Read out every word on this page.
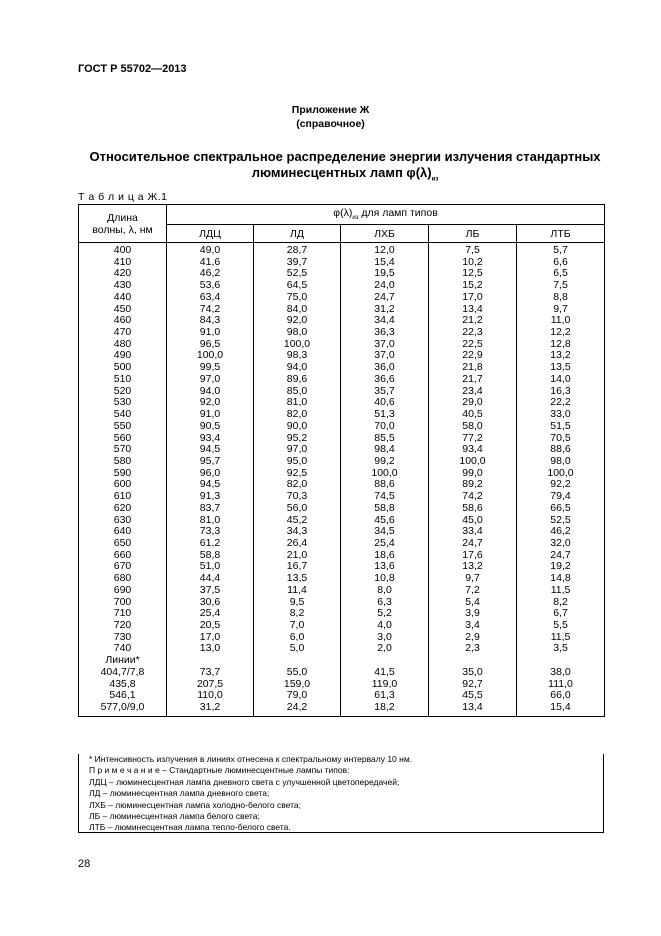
ГОСТ Р 55702—2013
Приложение Ж
(справочное)
Относительное спектральное распределение энергии излучения стандартных
люминесцентных ламп $\varphi(\lambda)_{из}$
Т а б л и ц а Ж.1
Длина
волны, λ, нм	$\varphi(\lambda)_{из}$ для ламп типов				
	ЛДЦ	ЛД	ЛХБ	ЛБ	ЛТБ
400	49,0	28,7	12,0	7,5	5,7
410	41,6	39,7	15,4	10,2	6,6
420	46,2	52,5	19,5	12,5	6,5
430	53,6	64,5	24,0	15,2	7,5
440	63,4	75,0	24,7	17,0	8,8
450	74,2	84,0	31,2	13,4	9,7
460	84,3	92,0	34,4	21,2	11,0
470	91,0	98,0	36,3	22,3	12,2
480	96,5	100,0	37,0	22,5	12,8
490	100,0	98,3	37,0	22,9	13,2
500	99,5	94,0	36,0	21,8	13,5
510	97,0	89,6	36,6	21,7	14,0
520	94,0	85,0	35,7	23,4	16,3
530	92,0	81,0	40,6	29,0	22,2
540	91,0	82,0	51,3	40,5	33,0
550	90,5	90,0	70,0	58,0	51,5
560	93,4	95,2	85,5	77,2	70,5
570	94,5	97,0	98,4	93,4	88,6
580	95,7	95,0	99,2	100,0	98,0
590	96,0	92,5	100,0	99,0	100,0
600	94,5	82,0	88,6	89,2	92,2
610	91,3	70,3	74,5	74,2	79,4
620	83,7	56,0	58,8	58,6	66,5
630	81,0	45,2	45,6	45,0	52,5
640	73,3	34,3	34,5	33,4	46,2
650	61,2	26,4	25,4	24,7	32,0
660	58,8	21,0	18,6	17,6	24,7
670	51,0	16,7	13,6	13,2	19,2
680	44,4	13,5	10,8	9,7	14,8
690	37,5	11,4	8,0	7,2	11,5
700	30,6	9,5	6,3	5,4	8,2
710	25,4	8,2	5,2	3,9	6,7
720	20,5	7,0	4,0	3,4	5,5
730	17,0	6,0	3,0	2,9	11,5
740	13,0	5,0	2,0	2,3	3,5
Линии*					
404,7/7,8	73,7	55,0	41,5	35,0	38,0
435,8	207,5	159,0	119,0	92,7	111,0
546,1	110,0	79,0	61,3	45,5	66,0
577,0/9,0	31,2	24,2	18,2	13,4	15,4
* Интенсивность излучения в линиях отнесена к спектральному интервалу 10 нм.
П р и м е ч а н и е – Стандартные люминесцентные лампы типов:
ЛДЦ – люминесцентная лампа дневного света с улучшенной цветопередачей;
ЛД – люминесцентная лампа дневного света;
ЛХБ – люминесцентная лампа холодно-белого света;
ЛБ – люминесцентная лампа белого света;
ЛТБ – люминесцентная лампа тепло-белого света.
28
